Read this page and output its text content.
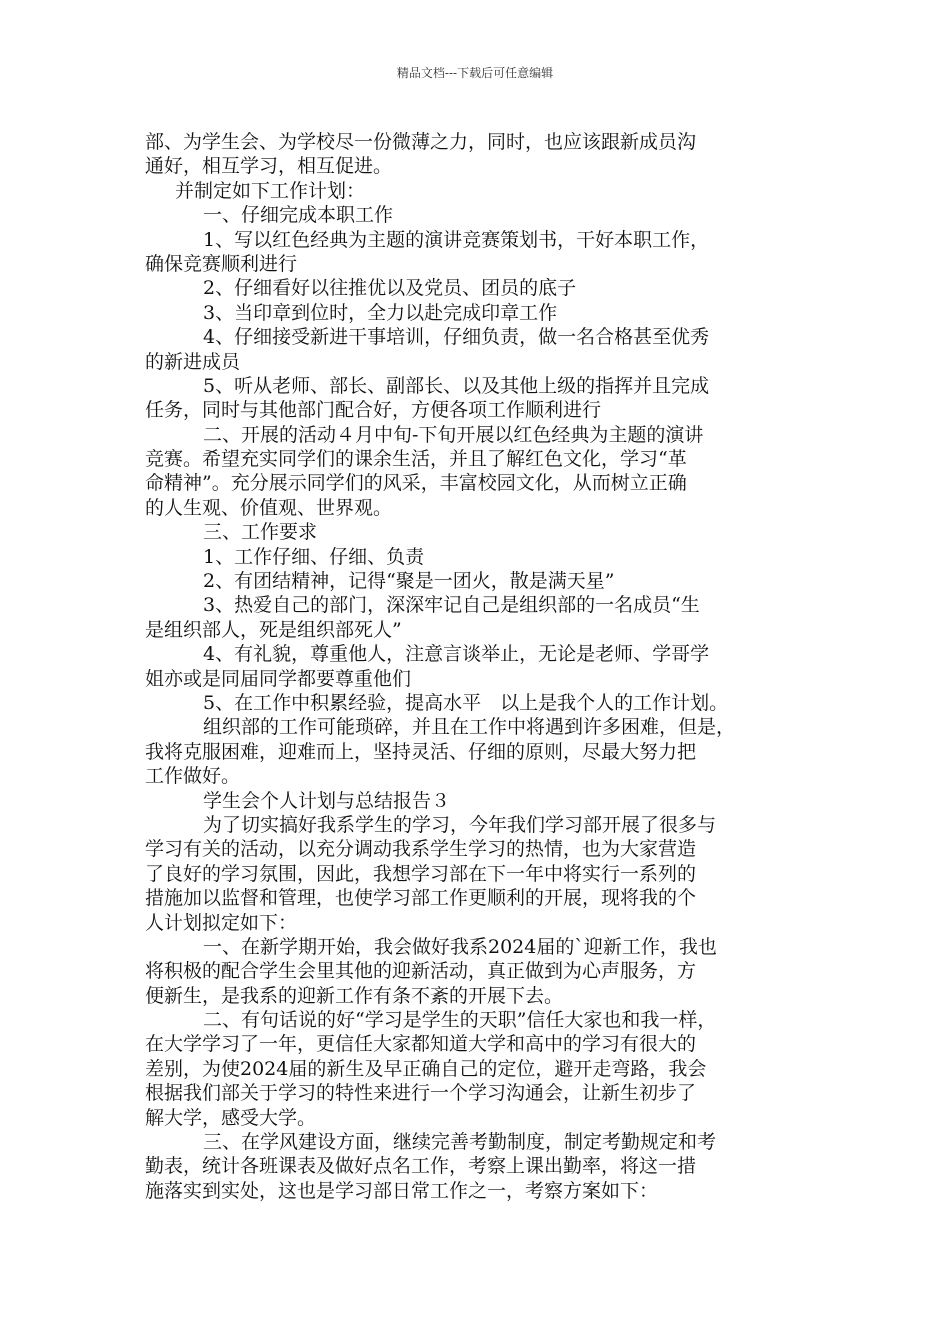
精品文档---下载后可任意编辑
部、为学生会、为学校尽一份微薄之力，同时，也应该跟新成员沟
通好，相互学习，相互促进。
并制定如下工作计划：
一、仔细完成本职工作
1、写以红色经典为主题的演讲竞赛策划书，干好本职工作，
确保竞赛顺利进行
2、仔细看好以往推优以及党员、团员的底子
3、当印章到位时，全力以赴完成印章工作
4、仔细接受新进干事培训，仔细负责，做一名合格甚至优秀
的新进成员
5、听从老师、部长、副部长、以及其他上级的指挥并且完成
任务，同时与其他部门配合好，方便各项工作顺利进行
二、开展的活动４月中旬-下旬开展以红色经典为主题的演讲
竞赛。希望充实同学们的课余生活，并且了解红色文化，学习“革
命精神”。充分展示同学们的风采，丰富校园文化，从而树立正确
的人生观、价值观、世界观。
三、工作要求
1、工作仔细、仔细、负责
2、有团结精神，记得“聚是一团火，散是满天星”
3、热爱自己的部门，深深牢记自己是组织部的一名成员“生
是组织部人，死是组织部死人”
4、有礼貌，尊重他人，注意言谈举止，无论是老师、学哥学
姐亦或是同届同学都要尊重他们
5、在工作中积累经验，提高水平　以上是我个人的工作计划。
组织部的工作可能琐碎，并且在工作中将遇到许多困难，但是，
我将克服困难，迎难而上，坚持灵活、仔细的原则，尽最大努力把
工作做好。
学生会个人计划与总结报告３
为了切实搞好我系学生的学习，今年我们学习部开展了很多与
学习有关的活动，以充分调动我系学生学习的热情，也为大家营造
了良好的学习氛围，因此，我想学习部在下一年中将实行一系列的
措施加以监督和管理，也使学习部工作更顺利的开展，现将我的个
人计划拟定如下：
一、在新学期开始，我会做好我系2024届的`迎新工作，我也
将积极的配合学生会里其他的迎新活动，真正做到为心声服务，方
便新生，是我系的迎新工作有条不紊的开展下去。
二、有句话说的好“学习是学生的天职”信任大家也和我一样，
在大学学习了一年，更信任大家都知道大学和高中的学习有很大的
差别，为使2024届的新生及早正确自己的定位，避开走弯路，我会
根据我们部关于学习的特性来进行一个学习沟通会，让新生初步了
解大学，感受大学。
三、在学风建设方面，继续完善考勤制度，制定考勤规定和考
勤表，统计各班课表及做好点名工作，考察上课出勤率，将这一措
施落实到实处，这也是学习部日常工作之一，考察方案如下：
